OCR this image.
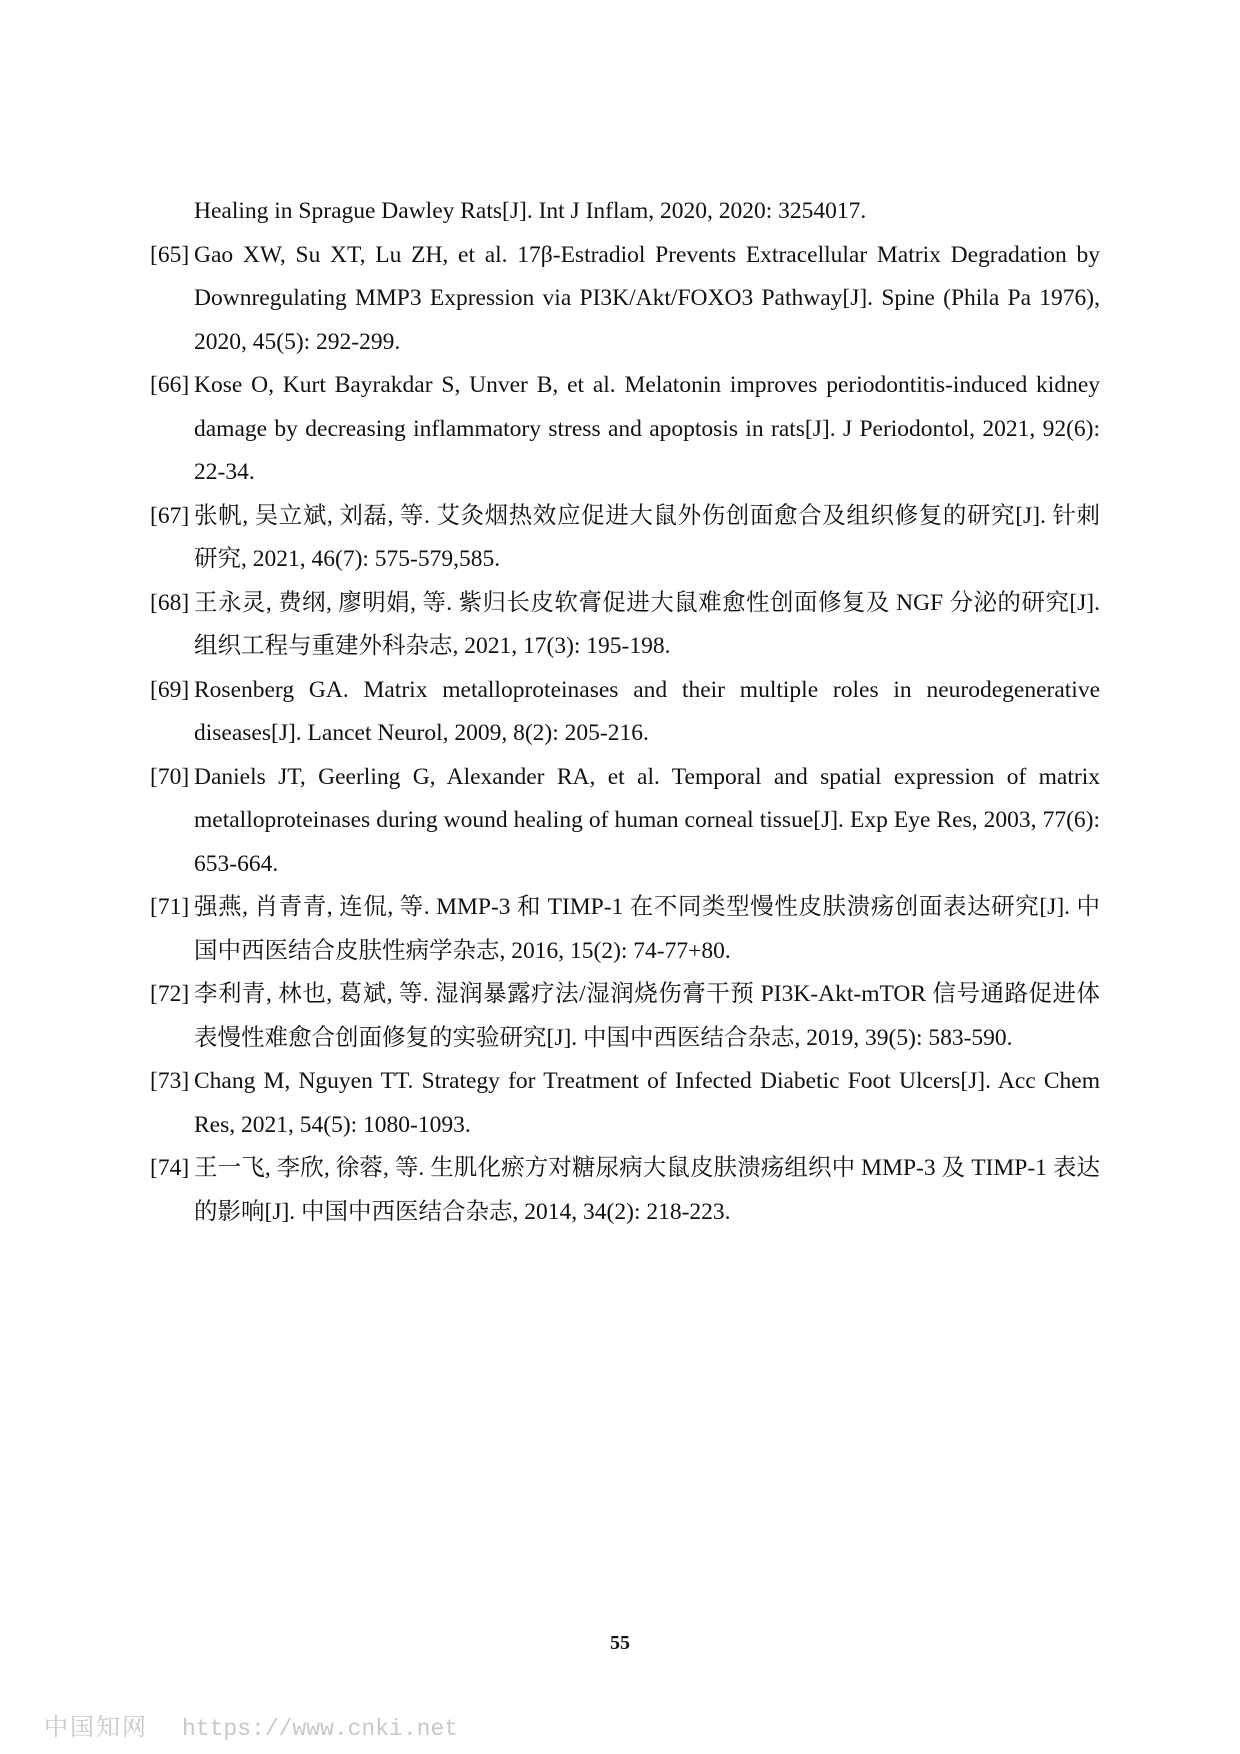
Healing in Sprague Dawley Rats[J]. Int J Inflam, 2020, 2020: 3254017.
[65] Gao XW, Su XT, Lu ZH, et al. 17β-Estradiol Prevents Extracellular Matrix Degradation by Downregulating MMP3 Expression via PI3K/Akt/FOXO3 Pathway[J]. Spine (Phila Pa 1976), 2020, 45(5): 292-299.
[66] Kose O, Kurt Bayrakdar S, Unver B, et al. Melatonin improves periodontitis-induced kidney damage by decreasing inflammatory stress and apoptosis in rats[J]. J Periodontol, 2021, 92(6): 22-34.
[67] 张帆, 吴立斌, 刘磊, 等. 艾灸烟热效应促进大鼠外伤创面愈合及组织修复的研究[J]. 针刺研究, 2021, 46(7): 575-579,585.
[68] 王永灵, 费纲, 廖明娟, 等. 紫归长皮软膏促进大鼠难愈性创面修复及 NGF 分泌的研究[J]. 组织工程与重建外科杂志, 2021, 17(3): 195-198.
[69] Rosenberg GA. Matrix metalloproteinases and their multiple roles in neurodegenerative diseases[J]. Lancet Neurol, 2009, 8(2): 205-216.
[70] Daniels JT, Geerling G, Alexander RA, et al. Temporal and spatial expression of matrix metalloproteinases during wound healing of human corneal tissue[J]. Exp Eye Res, 2003, 77(6): 653-664.
[71] 强燕, 肖青青, 连侃, 等. MMP-3 和 TIMP-1 在不同类型慢性皮肤溃疡创面表达研究[J]. 中国中西医结合皮肤性病学杂志, 2016, 15(2): 74-77+80.
[72] 李利青, 林也, 葛斌, 等. 湿润暴露疗法/湿润烧伤膏干预 PI3K-Akt-mTOR 信号通路促进体表慢性难愈合创面修复的实验研究[J]. 中国中西医结合杂志, 2019, 39(5): 583-590.
[73] Chang M, Nguyen TT. Strategy for Treatment of Infected Diabetic Foot Ulcers[J]. Acc Chem Res, 2021, 54(5): 1080-1093.
[74] 王一飞, 李欣, 徐蓉, 等. 生肌化瘀方对糖尿病大鼠皮肤溃疡组织中 MMP-3 及 TIMP-1 表达的影响[J]. 中国中西医结合杂志, 2014, 34(2): 218-223.
55
中国知网 https://www.cnki.net
